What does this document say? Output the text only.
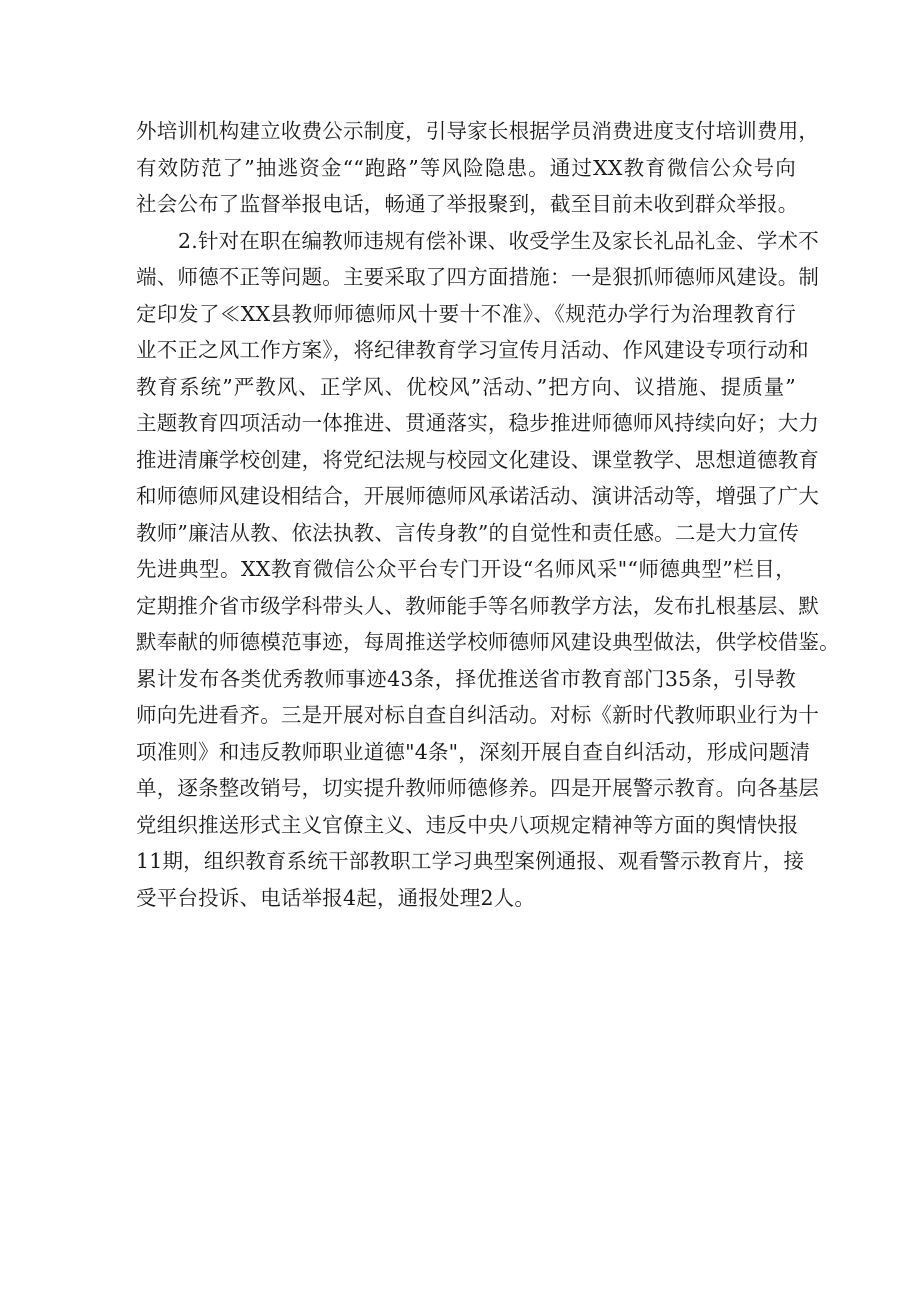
外培训机构建立收费公示制度，引导家长根据学员消费进度支付培训费用，
有效防范了”抽逃资金““跑路”等风险隐患。通过XX教育微信公众号向
社会公布了监督举报电话，畅通了举报聚到，截至目前未收到群众举报。
2.针对在职在编教师违规有偿补课、收受学生及家长礼品礼金、学术不
端、师德不正等问题。主要采取了四方面措施：一是狠抓师德师风建设。制
定印发了≪XX县教师师德师风十要十不准》、《规范办学行为治理教育行
业不正之风工作方案》，将纪律教育学习宣传月活动、作风建设专项行动和
教育系统”严教风、正学风、优校风”活动、”把方向、议措施、提质量”
主题教育四项活动一体推进、贯通落实，稳步推进师德师风持续向好；大力
推进清廉学校创建，将党纪法规与校园文化建设、课堂教学、思想道德教育
和师德师风建设相结合，开展师德师风承诺活动、演讲活动等，增强了广大
教师”廉洁从教、依法执教、言传身教”的自觉性和责任感。二是大力宣传
先进典型。XX教育微信公众平台专门开设“名师风采"“师德典型”栏目，
定期推介省市级学科带头人、教师能手等名师教学方法，发布扎根基层、默
默奉献的师德模范事迹，每周推送学校师德师风建设典型做法，供学校借鉴。
累计发布各类优秀教师事迹43条，择优推送省市教育部门35条，引导教
师向先进看齐。三是开展对标自查自纠活动。对标《新时代教师职业行为十
项准则》和违反教师职业道德"4条"，深刻开展自查自纠活动，形成问题清
单，逐条整改销号，切实提升教师师德修养。四是开展警示教育。向各基层
党组织推送形式主义官僚主义、违反中央八项规定精神等方面的舆情快报
11期，组织教育系统干部教职工学习典型案例通报、观看警示教育片，接
受平台投诉、电话举报4起，通报处理2人。
